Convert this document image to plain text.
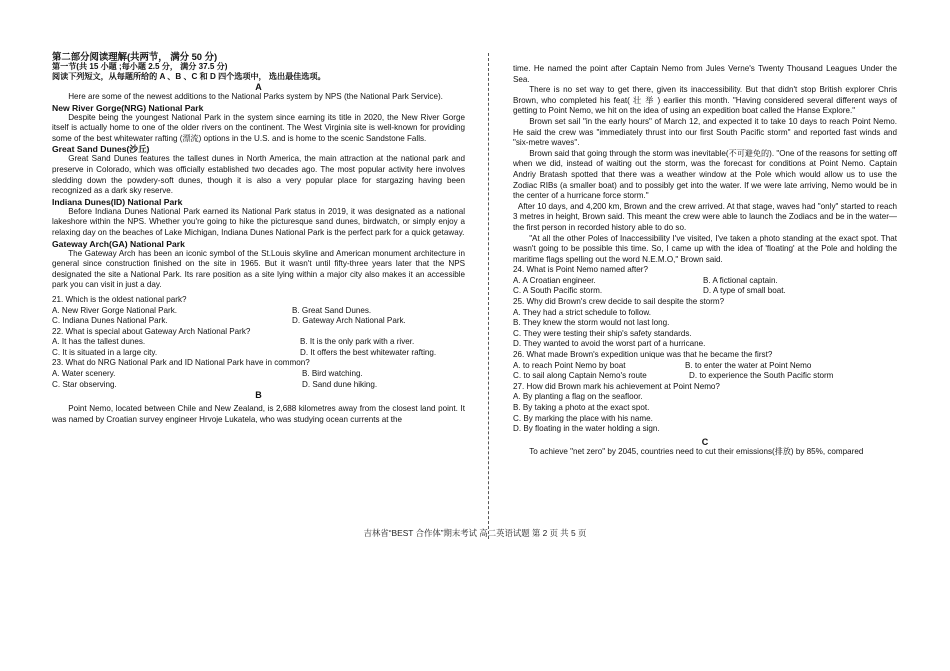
第二部分阅读理解(共两节， 满分 50 分)
第一节(共 15 小题 ;每小题 2.5 分， 满分 37.5 分)
阅读下列短文，从每题所给的 A 、B 、C 和 D 四个选项中， 选出最佳选项。
A

Here are some of the newest additions to the National Parks system by NPS (the National Park Service).

New River Gorge(NRG) National Park

Despite being the youngest National Park in the system since earning its title in 2020, the New River Gorge itself is actually home to one of the older rivers on the continent. The West Virginia site is well-known for providing some of the best whitewater rafting (漂流) options in the U.S. and is home to the scenic Sandstone Falls.

Great Sand Dunes(沙丘)

Great Sand Dunes features the tallest dunes in North America, the main attraction at the national park and preserve in Colorado, which was officially established two decades ago. The most popular activity here involves sledding down the powdery-soft dunes, though it is also a very popular place for stargazing having been recognized as a dark sky reserve.

Indiana Dunes(ID) National Park

Before Indiana Dunes National Park earned its National Park status in 2019, it was designated as a national lakeshore within the NPS. Whether you're going to hike the picturesque sand dunes, birdwatch, or simply enjoy a relaxing day on the beaches of Lake Michigan, Indiana Dunes National Park is the perfect park for a quick getaway.

Gateway Arch(GA) National Park

The Gateway Arch has been an iconic symbol of the St.Louis skyline and American monument architecture in general since construction finished on the site in 1965. But it wasn't until fifty-three years later that the NPS designated the site a National Park. Its rare position as a site lying within a major city also makes it an accessible park you can visit in just a day.

21. Which is the oldest national park?
A. New River Gorge National Park.	B. Great Sand Dunes.
C. Indiana Dunes National Park.	D. Gateway Arch National Park.
22. What is special about Gateway Arch National Park?
A. It has the tallest dunes.	B. It is the only park with a river.
C. It is situated in a large city.	D. It offers the best whitewater rafting.
23. What do NRG National Park and ID National Park have in common?
A. Water scenery.	B. Bird watching.
C. Star observing.	D. Sand dune hiking.
B

Point Nemo, located between Chile and New Zealand, is 2,688 kilometres away from the closest land point. It was named by Croatian survey engineer Hrvoje Lukatela, who was studying ocean currents at the

time. He named the point after Captain Nemo from Jules Verne's Twenty Thousand Leagues Under the Sea.

There is no set way to get there, given its inaccessibility. But that didn't stop British explorer Chris Brown, who completed his feat( 壮 举 ) earlier this month. "Having considered several different ways of getting to Point Nemo, we hit on the idea of using an expedition boat called the Hanse Explore."

Brown set sail "in the early hours" of March 12, and expected it to take 10 days to reach Point Nemo. He said the crew was "immediately thrust into our first South Pacific storm" and reported fast winds and "six-metre waves".

Brown said that going through the storm was inevitable(不可避免的). "One of the reasons for setting off when we did, instead of waiting out the storm, was the forecast for conditions at Point Nemo. Captain Andriy Bratash spotted that there was a weather window at the Pole which would allow us to use the Zodiac RIBs (a smaller boat) and to possibly get into the water. If we were late arriving, Nemo would be in the center of a hurricane force storm."

After 10 days, and 4,200 km, Brown and the crew arrived. At that stage, waves had "only" started to reach 3 metres in height, Brown said. This meant the crew were able to launch the Zodiacs and be in the water—the first person in recorded history able to do so.

"At all the other Poles of Inaccessibility I've visited, I've taken a photo standing at the exact spot. That wasn't going to be possible this time. So, I came up with the idea of 'floating' at the Pole and holding the maritime flags spelling out the word N.E.M.O," Brown said.

24. What is Point Nemo named after?
A. A Croatian engineer.	B. A fictional captain.
C. A South Pacific storm.	D. A type of small boat.
25. Why did Brown's crew decide to sail despite the storm?
A. They had a strict schedule to follow.
B. They knew the storm would not last long.
C. They were testing their ship's safety standards.
D. They wanted to avoid the worst part of a hurricane.
26. What made Brown's expedition unique was that he became the first?
A. to reach Point Nemo by boat	B. to enter the water at Point Nemo
C. to sail along Captain Nemo's route	D. to experience the South Pacific storm
27. How did Brown mark his achievement at Point Nemo?
A. By planting a flag on the seafloor.
B. By taking a photo at the exact spot.
C. By marking the place with his name.
D. By floating in the water holding a sign.
C

To achieve "net zero" by 2045, countries need to cut their emissions(排放) by 85%, compared

吉林省“BEST 合作体”期末考试 高二英语试题 第 2 页 共 5 页
